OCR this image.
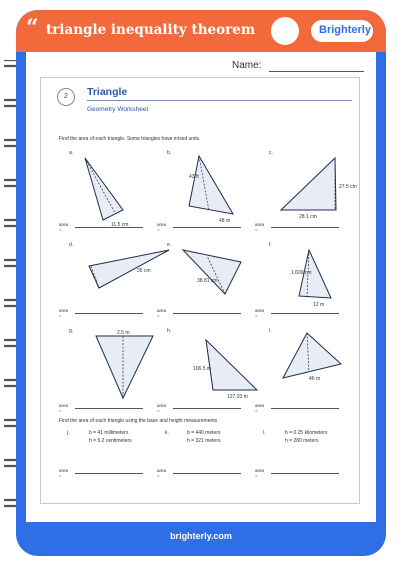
“ triangle inequality theorem	Brighterly
Name:
2	Triangle
Geometry Worksheet
Find the area of each triangle. Some triangles have mixed units.
a.	b.	c.
d.	e.	f.
g.	h.	i.
11.5 cm
48 m
43 ft
27.5 cm
28.1 cm
35 cm
38.81 cm
1,600 cm
12 m
2.5 m
106.5 m
127.03 m
46 m
area =
area =
area =
area =
area =
area =
area =
area =
area =
Find the area of each triangle using the base and height measurements
j.	b = 41 millimeters
h = 5.2 centimeters
k.	b = 440 meters
h = 321 meters
l.	b = 0.25 kilometers
h = 280 meters
area =
area =
area =
brighterly.com
